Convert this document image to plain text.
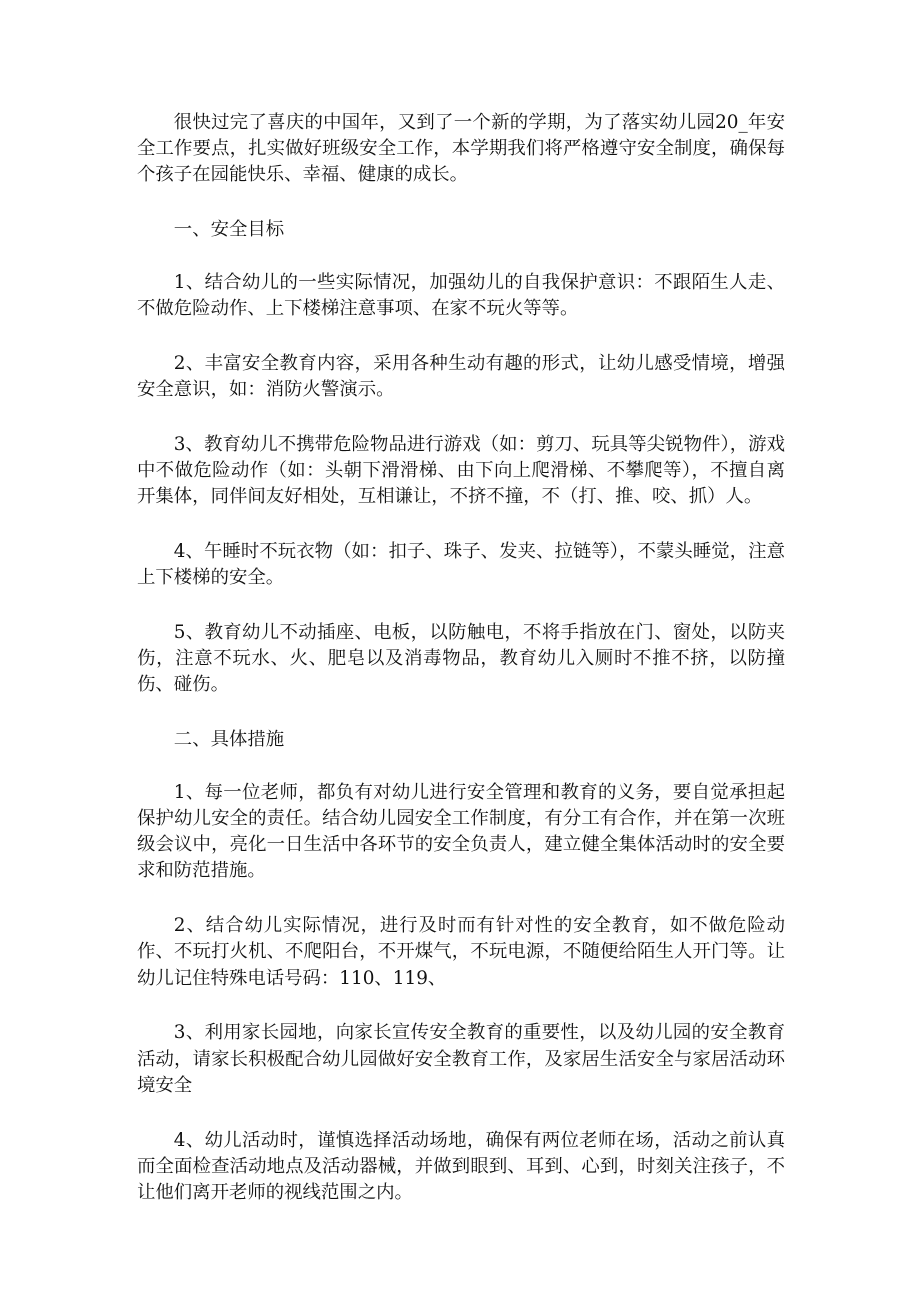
很快过完了喜庆的中国年，又到了一个新的学期，为了落实幼儿园20_年安全工作要点，扎实做好班级安全工作，本学期我们将严格遵守安全制度，确保每个孩子在园能快乐、幸福、健康的成长。

一、安全目标

1、结合幼儿的一些实际情况，加强幼儿的自我保护意识：不跟陌生人走、不做危险动作、上下楼梯注意事项、在家不玩火等等。

2、丰富安全教育内容，采用各种生动有趣的形式，让幼儿感受情境，增强安全意识，如：消防火警演示。

3、教育幼儿不携带危险物品进行游戏（如：剪刀、玩具等尖锐物件），游戏中不做危险动作（如：头朝下滑滑梯、由下向上爬滑梯、不攀爬等），不擅自离开集体，同伴间友好相处，互相谦让，不挤不撞，不（打、推、咬、抓）人。

4、午睡时不玩衣物（如：扣子、珠子、发夹、拉链等），不蒙头睡觉，注意上下楼梯的安全。

5、教育幼儿不动插座、电板，以防触电，不将手指放在门、窗处，以防夹伤，注意不玩水、火、肥皂以及消毒物品，教育幼儿入厕时不推不挤，以防撞伤、碰伤。

二、具体措施

1、每一位老师，都负有对幼儿进行安全管理和教育的义务，要自觉承担起保护幼儿安全的责任。结合幼儿园安全工作制度，有分工有合作，并在第一次班级会议中，亮化一日生活中各环节的安全负责人，建立健全集体活动时的安全要求和防范措施。

2、结合幼儿实际情况，进行及时而有针对性的安全教育，如不做危险动作、不玩打火机、不爬阳台，不开煤气，不玩电源，不随便给陌生人开门等。让幼儿记住特殊电话号码：110、119、

3、利用家长园地，向家长宣传安全教育的重要性，以及幼儿园的安全教育活动，请家长积极配合幼儿园做好安全教育工作，及家居生活安全与家居活动环境安全

4、幼儿活动时，谨慎选择活动场地，确保有两位老师在场，活动之前认真而全面检查活动地点及活动器械，并做到眼到、耳到、心到，时刻关注孩子，不让他们离开老师的视线范围之内。
